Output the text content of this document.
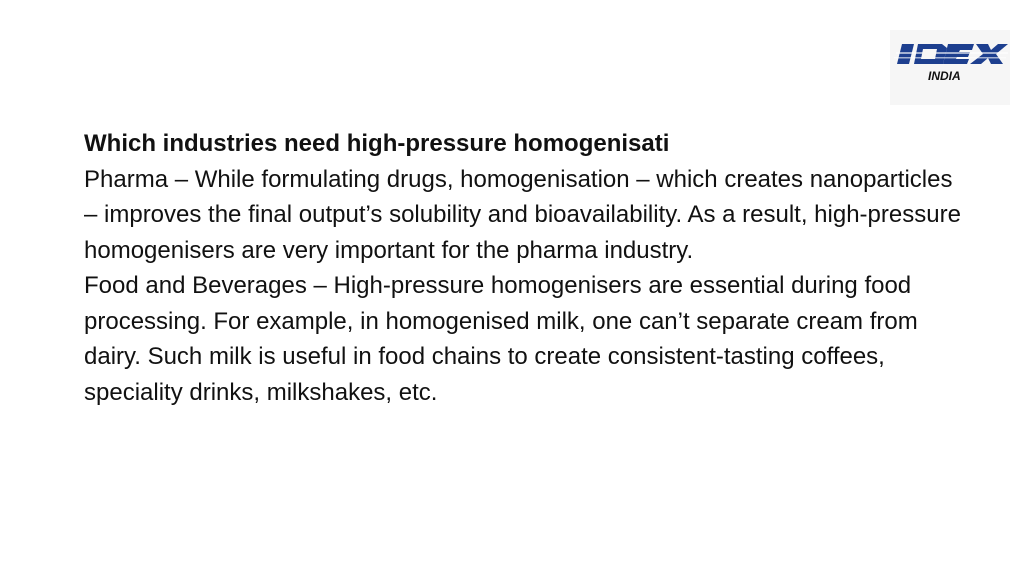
INDIA

Which industries need high-pressure homogenisati

Pharma – While formulating drugs, homogenisation – which creates nanoparticles – improves the final output’s solubility and bioavailability. As a result, high-pressure homogenisers are very important for the pharma industry.

Food and Beverages – High-pressure homogenisers are essential during food processing. For example, in homogenised milk, one can’t separate cream from dairy. Such milk is useful in food chains to create consistent-tasting coffees, speciality drinks, milkshakes, etc.
